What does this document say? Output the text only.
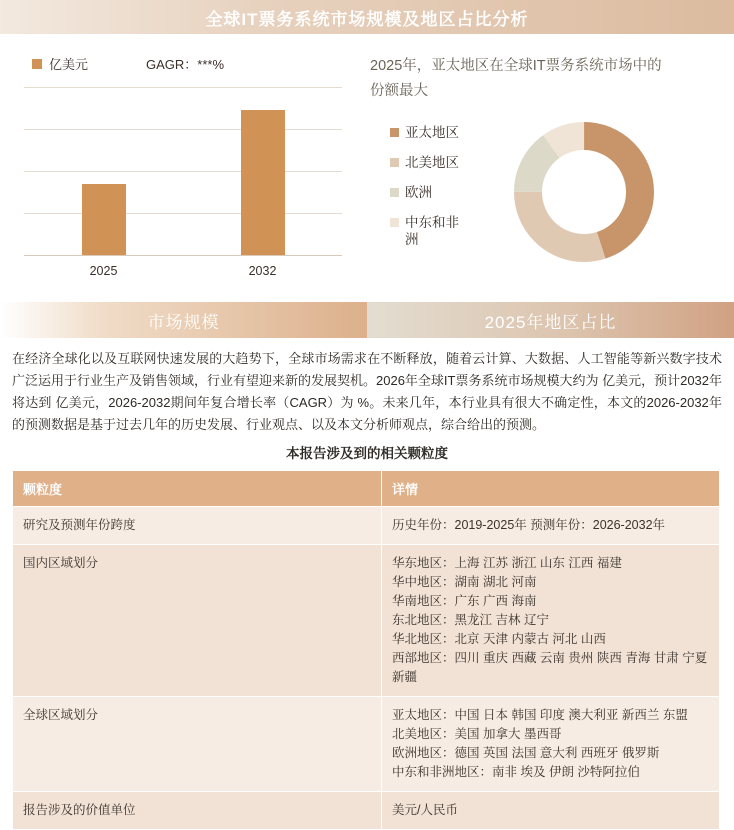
全球IT票务系统市场规模及地区占比分析
亿美元	GAGR：***%
2025	2032
2025年，亚太地区在全球IT票务系统市场中的份额最大
亚太地区
北美地区
欧洲
中东和非洲
市场规模	2025年地区占比
在经济全球化以及互联网快速发展的大趋势下，全球市场需求在不断释放，随着云计算、大数据、人工智能等新兴数字技术广泛运用于行业生产及销售领域，行业有望迎来新的发展契机。2026年全球IT票务系统市场规模大约为 亿美元，预计2032年将达到 亿美元，2026-2032期间年复合增长率（CAGR）为 %。未来几年，本行业具有很大不确定性，本文的2026-2032年的预测数据是基于过去几年的历史发展、行业观点、以及本文分析师观点，综合给出的预测。
本报告涉及到的相关颗粒度
颗粒度	详情
研究及预测年份跨度	历史年份：2019-2025年 预测年份：2026-2032年

国内区域划分	华东地区：上海 江苏 浙江 山东 江西 福建
华中地区：湖南 湖北 河南
华南地区：广东 广西 海南
东北地区：黑龙江 吉林 辽宁
华北地区：北京 天津 内蒙古 河北 山西
西部地区：四川 重庆 西藏 云南 贵州 陕西 青海 甘肃 宁夏 新疆

全球区域划分	亚太地区：中国 日本 韩国 印度 澳大利亚 新西兰 东盟
北美地区：美国 加拿大 墨西哥
欧洲地区：德国 英国 法国 意大利 西班牙 俄罗斯
中东和非洲地区：南非 埃及 伊朗 沙特阿拉伯

报告涉及的价值单位	美元/人民币
